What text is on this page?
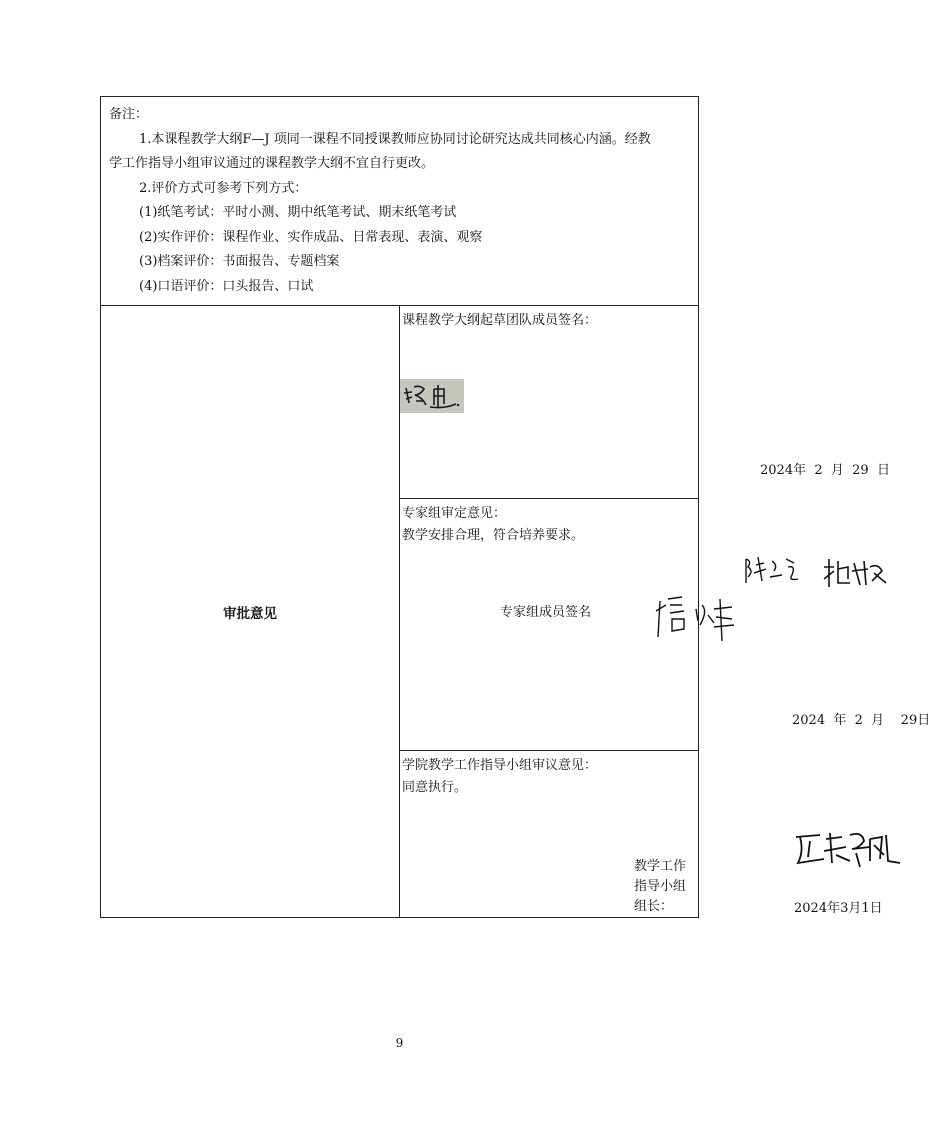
备注：

1.本课程教学大纲F—J 项同一课程不同授课教师应协同讨论研究达成共同核心内涵。经教

学工作指导小组审议通过的课程教学大纲不宜自行更改。

2.评价方式可参考下列方式：

(1)纸笔考试：平时小测、期中纸笔考试、期末纸笔考试

(2)实作评价：课程作业、实作成品、日常表现、表演、观察

(3)档案评价：书面报告、专题档案

(4)口语评价：口头报告、口试

审批意见	
课程教学大纲起草团队成员签名：
2024年  2  月  29  日

专家组审定意见：
教学安排合理，符合培养要求。
专家组成员签名
2024  年  2  月    29日

学院教学工作指导小组审议意见：
同意执行。
教学工作指导小组组长：	2024年3月1日
9
